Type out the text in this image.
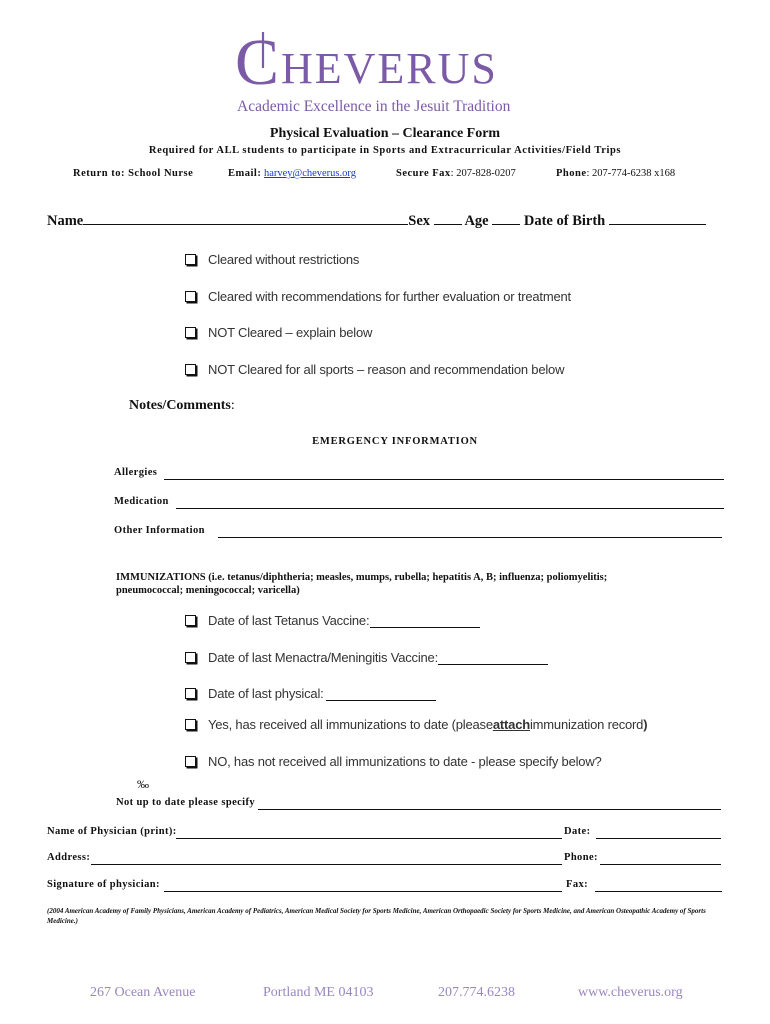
C HEVERUS
Academic Excellence in the Jesuit Tradition
Physical Evaluation – Clearance Form
Required for ALL students to participate in Sports and Extracurricular Activities/Field Trips
Return to: School Nurse	Email: harvey@cheverus.org	Secure Fax: 207-828-0207	Phone: 207-774-6238 x168
Name	Sex Age Date of Birth
Cleared without restrictions
Cleared with recommendations for further evaluation or treatment
NOT Cleared – explain below
NOT Cleared for all sports – reason and recommendation below
Notes/Comments:
EMERGENCY INFORMATION
Allergies
Medication
Other Information
IMMUNIZATIONS (i.e. tetanus/diphtheria; measles, mumps, rubella; hepatitis A, B; influenza; poliomyelitis; pneumococcal; meningococcal; varicella)
Date of last Tetanus Vaccine:
Date of last Menactra/Meningitis Vaccine:
Date of last physical:
Yes, has received all immunizations to date (pleaseattachimmunization record)
NO, has not received all immunizations to date - please specify below?
‰
Not up to date please specify
Name of Physician (print):	Date:
Address:	Phone:
Signature of physician:	Fax:
(2004 American Academy of Family Physicians, American Academy of Pediatrics, American Medical Society for Sports Medicine, American Orthopaedic Society for Sports Medicine, and American Osteopathic Academy of Sports Medicine.)
267 Ocean Avenue	Portland ME 04103	207.774.6238	www.cheverus.org
